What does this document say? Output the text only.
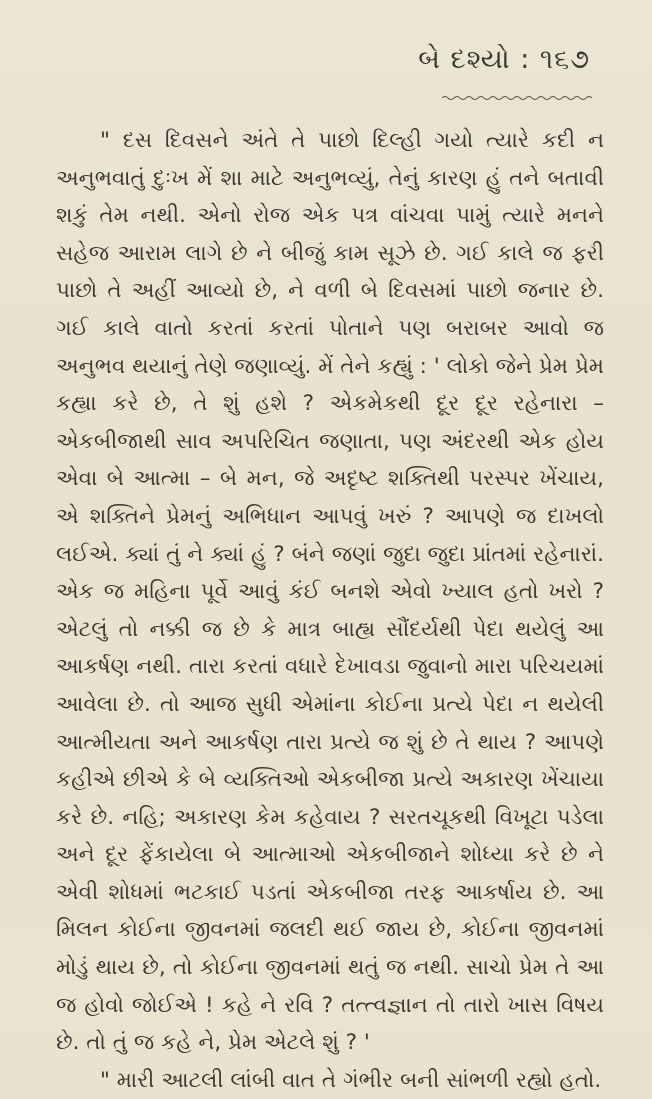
બે દશ્યો : ૧૬૭

" દસ દિવસને અંતે તે પાછો દિલ્હી ગયો ત્યારે કદી ન અનુભવાતું દુઃખ મેં શા માટે અનુભવ્યું, તેનું કારણ હું તને બતાવી શકું તેમ નથી. એનો રોજ એક પત્ર વાંચવા પામું ત્યારે મનને સહેજ આરામ લાગે છે ને બીજું કામ સૂઝે છે. ગઈ કાલે જ ફરી પાછો તે અહીં આવ્યો છે, ને વળી બે દિવસમાં પાછો જનાર છે. ગઈ કાલે વાતો કરતાં કરતાં પોતાને પણ બરાબર આવો જ અનુભવ થયાનું તેણે જણાવ્યું. મેં તેને કહ્યું : ' લોકો જેને પ્રેમ પ્રેમ કહ્યા કરે છે, તે શું હશે ? એકમેકથી દૂર દૂર રહેનારા – એકબીજાથી સાવ અપરિચિત જણાતા, પણ અંદરથી એક હોય એવા બે આત્મા – બે મન, જે અદૃષ્ટ શક્તિથી પરસ્પર ખેંચાય, એ શક્તિને પ્રેમનું અભિધાન આપવું ખરું ? આપણે જ દાખલો લઈએ. ક્યાં તું ને ક્યાં હું ? બંને જણાં જુદા જુદા પ્રાંતમાં રહેનારાં. એક જ મહિના પૂર્વે આવું કંઈ બનશે એવો ખ્યાલ હતો ખરો ? એટલું તો નક્કી જ છે કે માત્ર બાહ્ય સૌંદર્યથી પેદા થયેલું આ આકર્ષણ નથી. તારા કરતાં વધારે દેખાવડા જુવાનો મારા પરિચયમાં આવેલા છે. તો આજ સુધી એમાંના કોઈના પ્રત્યે પેદા ન થયેલી આત્મીયતા અને આકર્ષણ તારા પ્રત્યે જ શું છે તે થાય ? આપણે કહીએ છીએ કે બે વ્યક્તિઓ એકબીજા પ્રત્યે અકારણ ખેંચાયા કરે છે. નહિ; અકારણ કેમ કહેવાય ? સરતચૂકથી વિખૂટા પડેલા અને દૂર ફેંકાયેલા બે આત્માઓ એકબીજાને શોધ્યા કરે છે ને એવી શોધમાં ભટકાઈ પડતાં એકબીજા તરફ આકર્ષાય છે. આ મિલન કોઈના જીવનમાં જલદી થઈ જાય છે, કોઈના જીવનમાં મોડું થાય છે, તો કોઈના જીવનમાં થતું જ નથી. સાચો પ્રેમ તે આ જ હોવો જોઈએ ! કહે ને રવિ ? તત્ત્વજ્ઞાન તો તારો ખાસ વિષય છે. તો તું જ કહે ને, પ્રેમ એટલે શું ? '

" મારી આટલી લાંબી વાત તે ગંભીર બની સાંભળી રહ્યો હતો.
